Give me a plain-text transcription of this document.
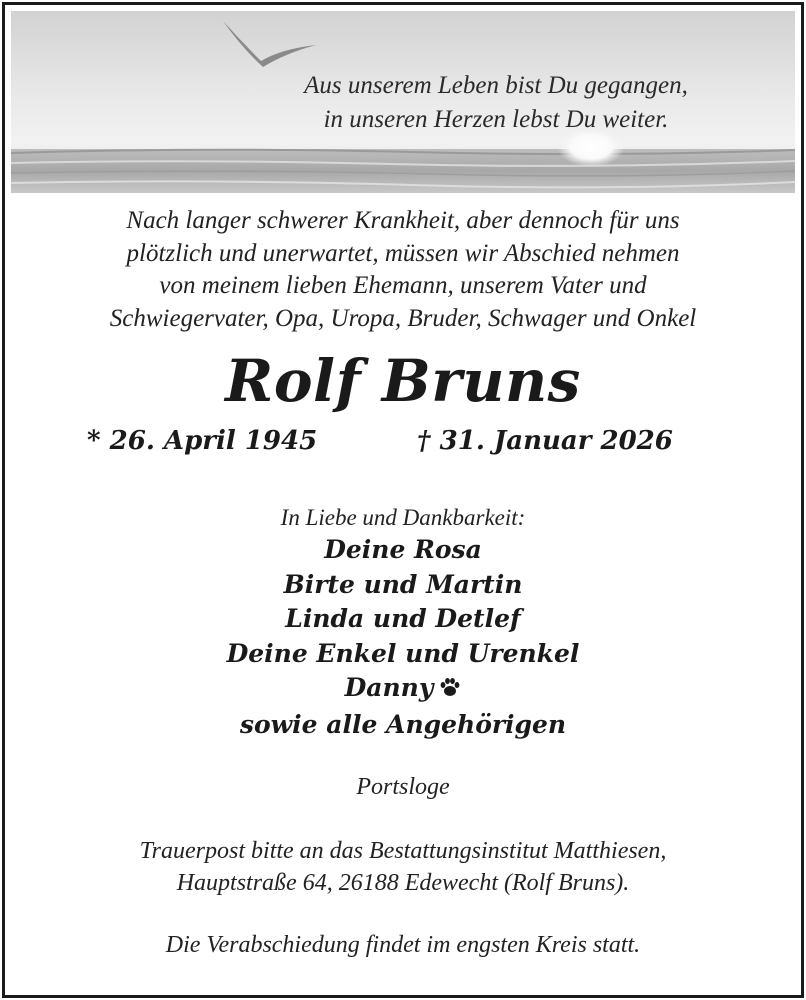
Aus unserem Leben bist Du gegangen,
in unseren Herzen lebst Du weiter.
Nach langer schwerer Krankheit, aber dennoch für uns
plötzlich und unerwartet, müssen wir Abschied nehmen
von meinem lieben Ehemann, unserem Vater und
Schwiegervater, Opa, Uropa, Bruder, Schwager und Onkel
Rolf Bruns
* 26. April 1945	† 31. Januar 2026
In Liebe und Dankbarkeit:
Deine Rosa
Birte und Martin
Linda und Detlef
Deine Enkel und Urenkel
Danny
sowie alle Angehörigen
Portsloge
Trauerpost bitte an das Bestattungsinstitut Matthiesen,
Hauptstraße 64, 26188 Edewecht (Rolf Bruns).
Die Verabschiedung findet im engsten Kreis statt.
